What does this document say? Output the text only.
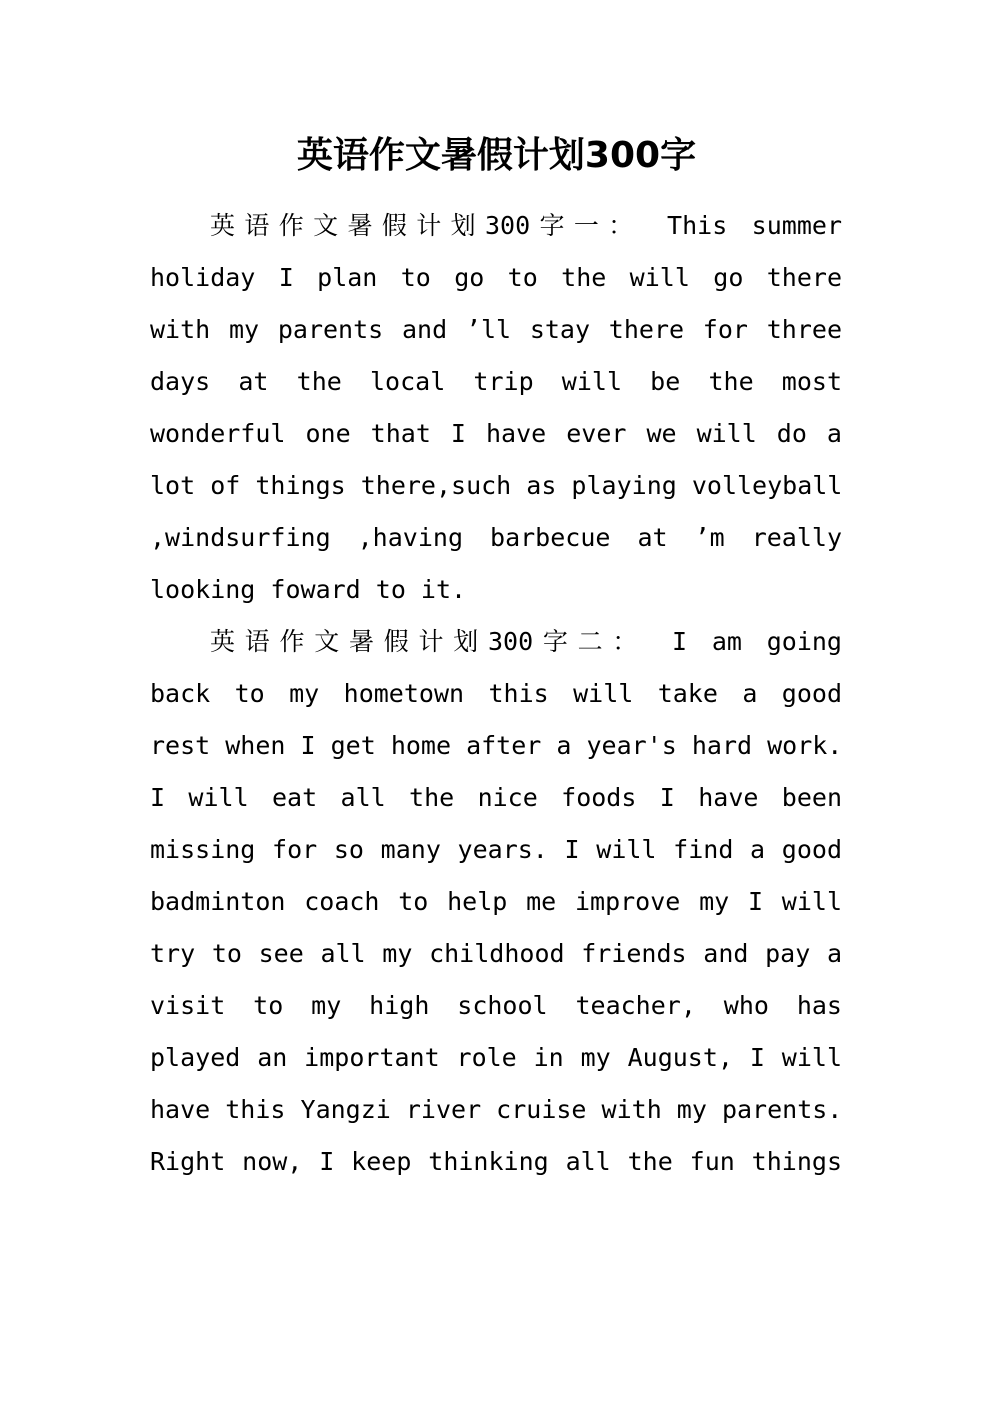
英语作文暑假计划300字
英语作文暑假计划300字一： This summer
holiday I plan to go to the will go there
with my parents and ’ll stay there for three
days at the local trip will be the most
wonderful one that I have ever we will do a
lot of things there,such as playing volleyball
,windsurfing ,having barbecue at ’m really
looking foward to it.
英语作文暑假计划300字二： I am going
back to my hometown this will take a good
rest when I get home after a year's hard work.
I will eat all the nice foods I have been
missing for so many years. I will find a good
badminton coach to help me improve my I will
try to see all my childhood friends and pay a
visit to my high school teacher, who has
played an important role in my August, I will
have this Yangzi river cruise with my parents.
Right now, I keep thinking all the fun things
